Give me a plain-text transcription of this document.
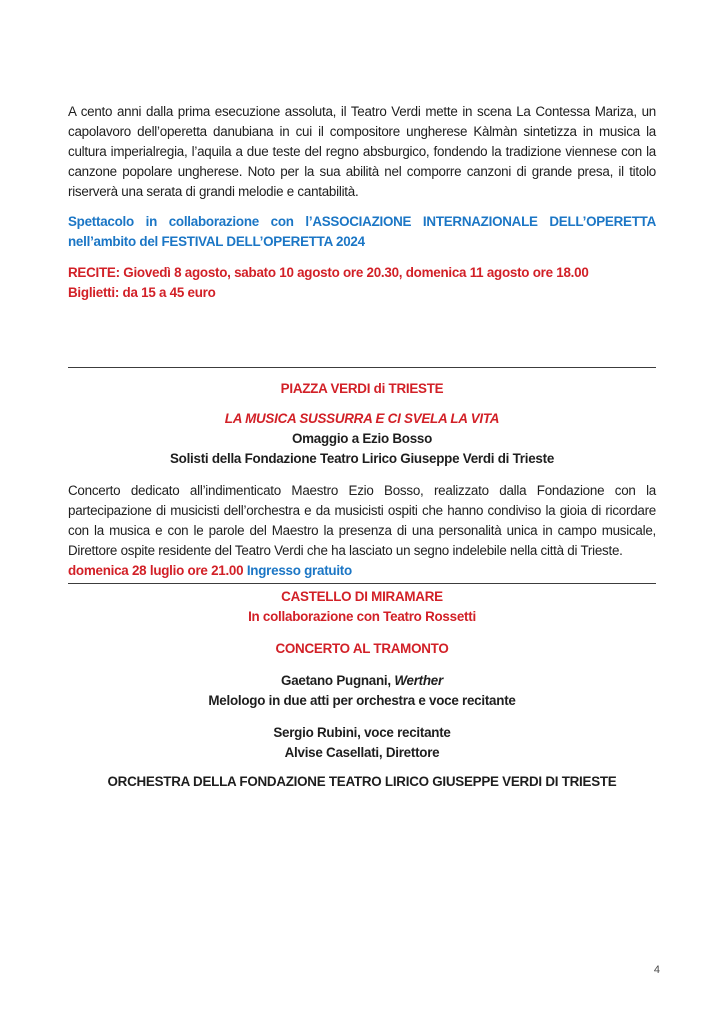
A cento anni dalla prima esecuzione assoluta, il Teatro Verdi mette in scena La Contessa Mariza, un capolavoro dell’operetta danubiana in cui il compositore ungherese Kàlmàn sintetizza in musica la cultura imperialregia, l’aquila a due teste del regno absburgico, fondendo la tradizione viennese con la canzone popolare ungherese. Noto per la sua abilità nel comporre canzoni di grande presa, il titolo riserverà una serata di grandi melodie e cantabilità.

Spettacolo in collaborazione con l’ASSOCIAZIONE INTERNAZIONALE DELL’OPERETTA nell’ambito del FESTIVAL DELL’OPERETTA 2024

RECITE: Giovedì 8 agosto, sabato 10 agosto ore 20.30, domenica 11 agosto ore 18.00
Biglietti: da 15 a 45 euro
PIAZZA VERDI di TRIESTE
LA MUSICA SUSSURRA E CI SVELA LA VITA
Omaggio a Ezio Bosso
Solisti della Fondazione Teatro Lirico Giuseppe Verdi di Trieste

Concerto dedicato all’indimenticato Maestro Ezio Bosso, realizzato dalla Fondazione con la partecipazione di musicisti dell’orchestra e da musicisti ospiti che hanno condiviso la gioia di ricordare con la musica e con le parole del Maestro la presenza di una personalità unica in campo musicale, Direttore ospite residente del Teatro Verdi che ha lasciato un segno indelebile nella città di Trieste.

domenica 28 luglio ore 21.00 Ingresso gratuito
CASTELLO DI MIRAMARE
In collaborazione con Teatro Rossetti
CONCERTO AL TRAMONTO
Gaetano Pugnani, Werther
Melologo in due atti per orchestra e voce recitante
Sergio Rubini, voce recitante
Alvise Casellati, Direttore
ORCHESTRA DELLA FONDAZIONE TEATRO LIRICO GIUSEPPE VERDI DI TRIESTE
4
